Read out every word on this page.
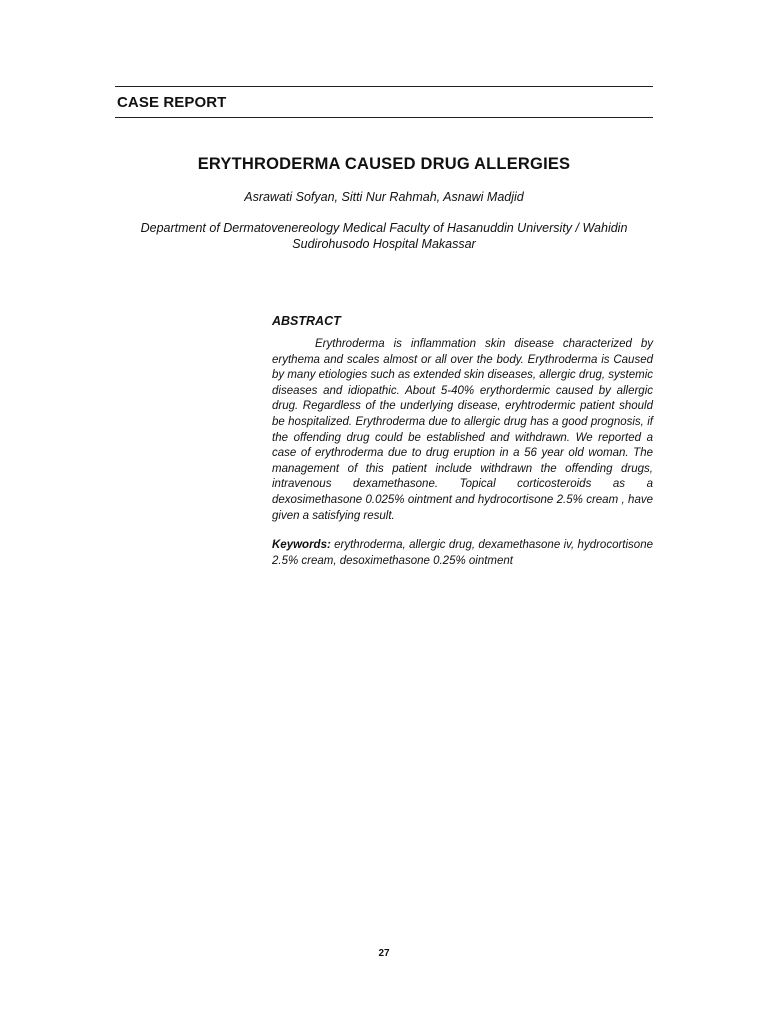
CASE REPORT
ERYTHRODERMA CAUSED DRUG ALLERGIES
Asrawati Sofyan, Sitti Nur Rahmah, Asnawi Madjid
Department of Dermatovenereology Medical Faculty of Hasanuddin University / Wahidin Sudirohusodo Hospital Makassar
ABSTRACT

Erythroderma is inflammation skin disease characterized by erythema and scales almost or all over the body. Erythroderma is Caused by many etiologies such as extended skin diseases, allergic drug, systemic diseases and idiopathic. About 5-40% erythordermic caused by allergic drug. Regardless of the underlying disease, eryhtrodermic patient should be hospitalized. Erythroderma due to allergic drug has a good prognosis, if the offending drug could be established and withdrawn. We reported a case of erythroderma due to drug eruption in a 56 year old woman. The management of this patient include withdrawn the offending drugs, intravenous dexamethasone. Topical corticosteroids as a dexosimethasone 0.025% ointment and hydrocortisone 2.5% cream , have given a satisfying result.

Keywords: erythroderma, allergic drug, dexamethasone iv, hydrocortisone 2.5% cream, desoximethasone 0.25% ointment

27
